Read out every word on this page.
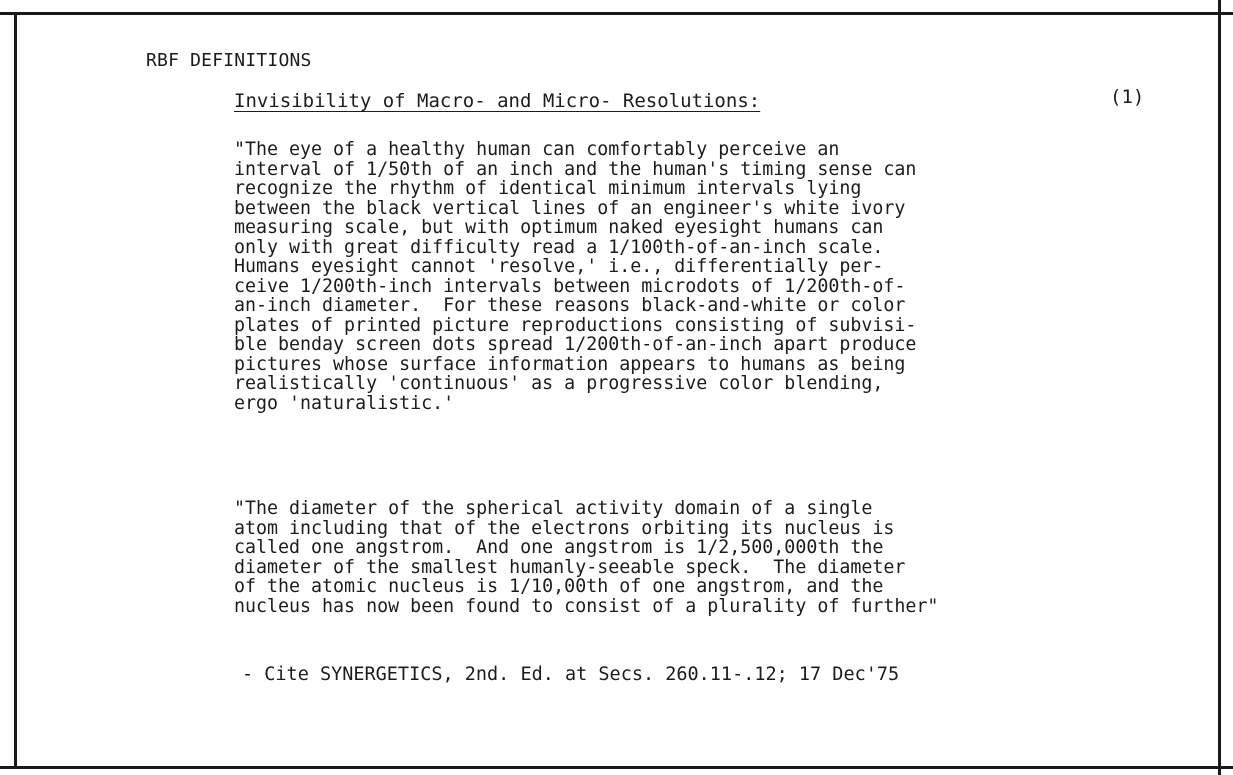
RBF DEFINITIONS
Invisibility of Macro- and Micro- Resolutions:	(1)
"The eye of a healthy human can comfortably perceive an
interval of 1/50th of an inch and the human's timing sense can
recognize the rhythm of identical minimum intervals lying
between the black vertical lines of an engineer's white ivory
measuring scale, but with optimum naked eyesight humans can
only with great difficulty read a 1/100th-of-an-inch scale.
Humans eyesight cannot 'resolve,' i.e., differentially per-
ceive 1/200th-inch intervals between microdots of 1/200th-of-
an-inch diameter.  For these reasons black-and-white or color
plates of printed picture reproductions consisting of subvisi-
ble benday screen dots spread 1/200th-of-an-inch apart produce
pictures whose surface information appears to humans as being
realistically 'continuous' as a progressive color blending,
ergo 'naturalistic.'
"The diameter of the spherical activity domain of a single
atom including that of the electrons orbiting its nucleus is
called one angstrom.  And one angstrom is 1/2,500,000th the
diameter of the smallest humanly-seeable speck.  The diameter
of the atomic nucleus is 1/10,00th of one angstrom, and the
nucleus has now been found to consist of a plurality of further"
- Cite SYNERGETICS, 2nd. Ed. at Secs. 260.11-.12; 17 Dec'75
